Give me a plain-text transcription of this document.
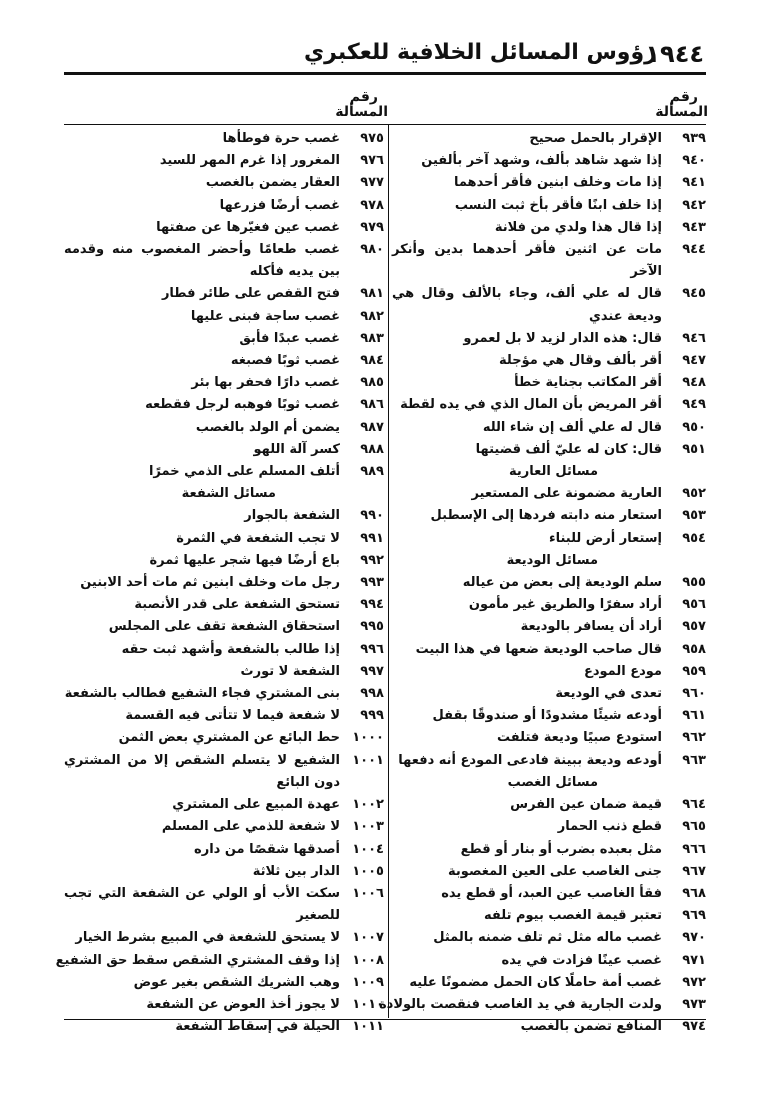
١٩٤٤
رؤوس المسائل الخلافية للعكبري
رقم
المسألة
رقم
المسألة
٩٣٩
الإقرار بالحمل صحيح
٩٤٠
إذا شهد شاهد بألف، وشهد آخر بألفين
٩٤١
إذا مات وخلف ابنين فأقر أحدهما
٩٤٢
إذا خلف ابنًا فأقر بأخ ثبت النسب
٩٤٣
إذا قال هذا ولدي من فلانة
٩٤٤
مات عن اثنين فأقر أحدهما بدين وأنكر الآخر
٩٤٥
قال له علي ألف، وجاء بالألف وقال هي وديعة عندي
٩٤٦
قال: هذه الدار لزيد لا بل لعمرو
٩٤٧
أقر بألف وقال هي مؤجلة
٩٤٨
أقر المكاتب بجناية خطأ
٩٤٩
أقر المريض بأن المال الذي في يده لقطة
٩٥٠
قال له علي ألف إن شاء الله
٩٥١
قال: كان له عليّ ألف قضيتها
مسائل العارية
٩٥٢
العارية مضمونة على المستعير
٩٥٣
استعار منه دابته فردها إلى الإسطبل
٩٥٤
إستعار أرض للبناء
مسائل الوديعة
٩٥٥
سلم الوديعة إلى بعض من عياله
٩٥٦
أراد سفرًا والطريق غير مأمون
٩٥٧
أراد أن يسافر بالوديعة
٩٥٨
قال صاحب الوديعة ضعها في هذا البيت
٩٥٩
مودع المودع
٩٦٠
تعدى في الوديعة
٩٦١
أودعه شيئًا مشدودًا أو صندوقًا بقفل
٩٦٢
استودع صبيًا وديعة فتلفت
٩٦٣
أودعه وديعة ببينة فادعى المودع أنه دفعها
مسائل الغصب
٩٦٤
قيمة ضمان عين الفرس
٩٦٥
قطع ذنب الحمار
٩٦٦
مثل بعبده بضرب أو بنار أو قطع
٩٦٧
جنى الغاصب على العين المغصوبة
٩٦٨
فقأ الغاصب عين العبد، أو قطع يده
٩٦٩
تعتبر قيمة الغصب بيوم تلفه
٩٧٠
غصب ماله مثل ثم تلف ضمنه بالمثل
٩٧١
غصب عينًا فزادت في يده
٩٧٢
غصب أمة حاملًا كان الحمل مضمونًا عليه
٩٧٣
ولدت الجارية في يد الغاصب فنقصت بالولادة
٩٧٤
المنافع تضمن بالغصب
٩٧٥
غصب حرة فوطأها
٩٧٦
المغرور إذا غرم المهر للسيد
٩٧٧
العقار يضمن بالغصب
٩٧٨
غصب أرضًا فزرعها
٩٧٩
غصب عين فغيّرها عن صفتها
٩٨٠
غصب طعامًا وأحضر المغصوب منه وقدمه بين يديه فأكله
٩٨١
فتح القفص على طائر فطار
٩٨٢
غصب ساجة فبنى عليها
٩٨٣
غصب عبدًا فأبق
٩٨٤
غصب ثوبًا فصبغه
٩٨٥
غصب دارًا فحفر بها بئر
٩٨٦
غصب ثوبًا فوهبه لرجل فقطعه
٩٨٧
يضمن أم الولد بالغصب
٩٨٨
كسر آلة اللهو
٩٨٩
أتلف المسلم على الذمي خمرًا
مسائل الشفعة
٩٩٠
الشفعة بالجوار
٩٩١
لا تجب الشفعة في الثمرة
٩٩٢
باع أرضًا فيها شجر عليها ثمرة
٩٩٣
رجل مات وخلف ابنين ثم مات أحد الابنين
٩٩٤
تستحق الشفعة على قدر الأنصبة
٩٩٥
استحقاق الشفعة تقف على المجلس
٩٩٦
إذا طالب بالشفعة وأشهد ثبت حقه
٩٩٧
الشفعة لا تورث
٩٩٨
بنى المشتري فجاء الشفيع فطالب بالشفعة
٩٩٩
لا شفعة فيما لا تتأتى فيه القسمة
١٠٠٠
حط البائع عن المشتري بعض الثمن
١٠٠١
الشفيع لا يتسلم الشقص إلا من المشتري دون البائع
١٠٠٢
عهدة المبيع على المشتري
١٠٠٣
لا شفعة للذمي على المسلم
١٠٠٤
أصدقها شقصًا من داره
١٠٠٥
الدار بين ثلاثة
١٠٠٦
سكت الأب أو الولي عن الشفعة التي تجب للصغير
١٠٠٧
لا يستحق للشفعة في المبيع بشرط الخيار
١٠٠٨
إذا وقف المشتري الشقص سقط حق الشفيع
١٠٠٩
وهب الشريك الشقص بغير عوض
١٠١٠
لا يجوز أخذ العوض عن الشفعة
١٠١١
الحيلة في إسقاط الشفعة
